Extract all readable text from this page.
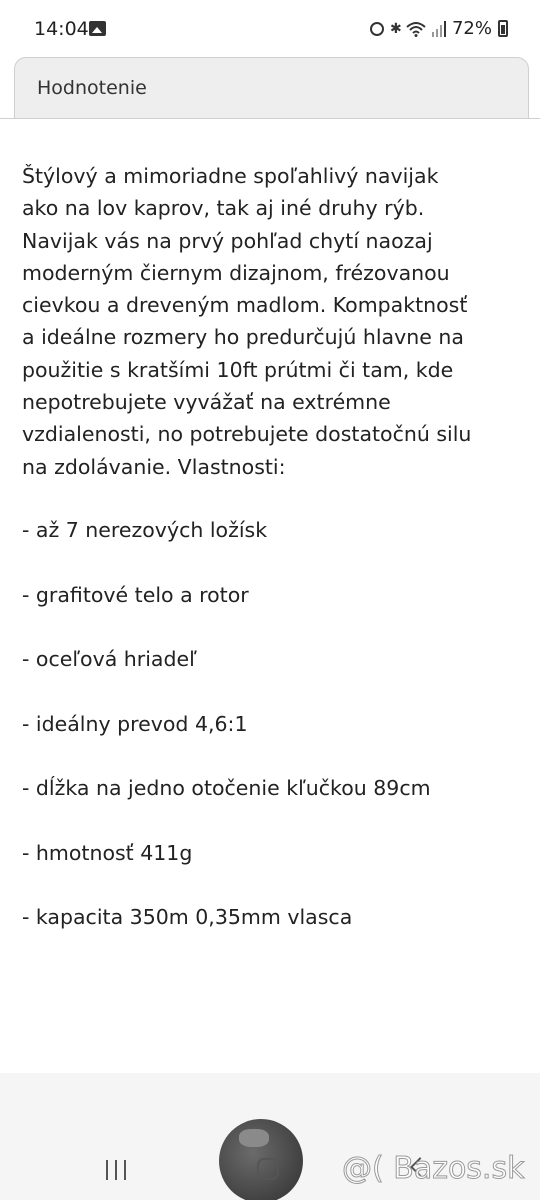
14:04	✱	72%
Hodnotenie
Štýlový a mimoriadne spoľahlivý navijak
ako na lov kaprov, tak aj iné druhy rýb.
Navijak vás na prvý pohľad chytí naozaj
moderným čiernym dizajnom, frézovanou
cievkou a dreveným madlom. Kompaktnosť
a ideálne rozmery ho predurčujú hlavne na
použitie s kratšími 10ft prútmi či tam, kde
nepotrebujete vyvážať na extrémne
vzdialenosti, no potrebujete dostatočnú silu
na zdolávanie. Vlastnosti:
- až 7 nerezových ložísk
- grafitové telo a rotor
- oceľová hriadeľ
- ideálny prevod 4,6:1
- dĺžka na jedno otočenie kľučkou 89cm
- hmotnosť 411g
- kapacita 350m 0,35mm vlasca
@( Bazos.sk
